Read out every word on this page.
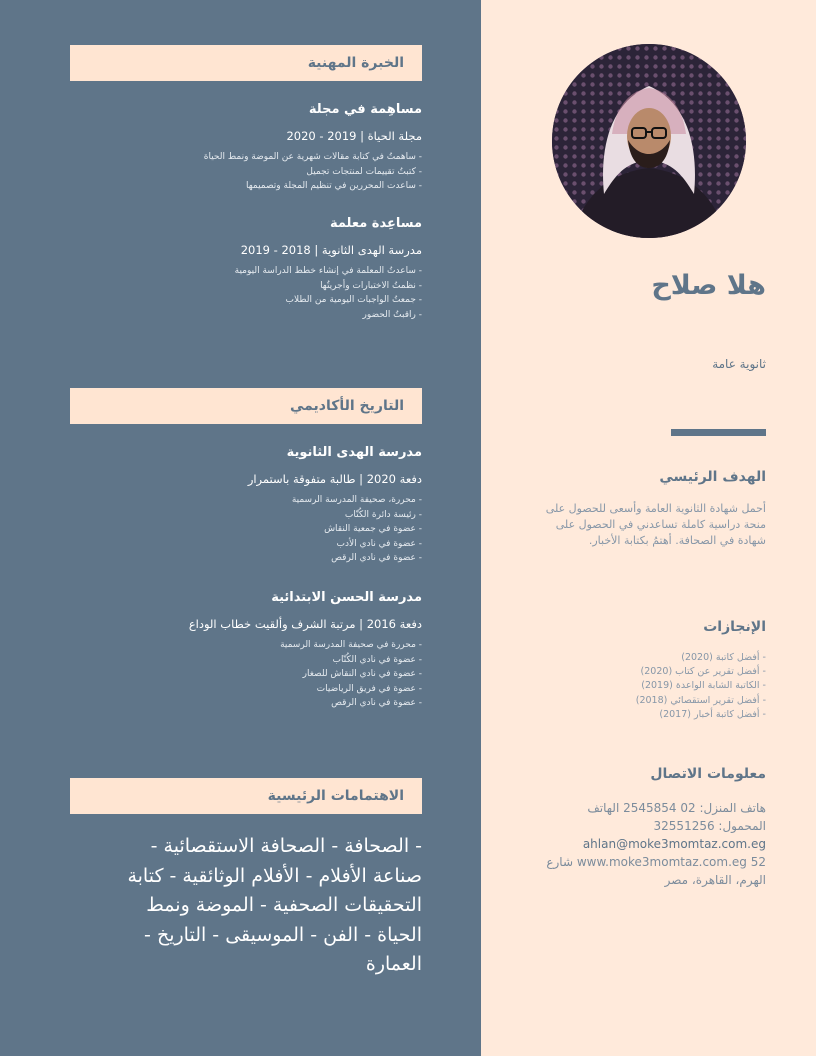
الخبرة المهنية
مساهِمة في مجلة
مجلة الحياة | 2019 - 2020
- ساهمتُ في كتابة مقالات شهرية عن الموضة ونمط الحياة
- كتبتُ تقييمات لمنتجات تجميل
- ساعدت المحررين في تنظيم المجلة وتصميمها
مساعِدة معلمة
مدرسة الهدى الثانوية | 2018 - 2019
- ساعدتُ المعلمة في إنشاء خطط الدراسة اليومية
- نظمتُ الاختبارات وأجريتُها
- جمعتُ الواجبات اليومية من الطلاب
- راقبتُ الحضور
التاريخ الأكاديمي
مدرسة الهدى الثانوية
دفعة 2020 | طالبة متفوقة باستمرار
- محررة، صحيفة المدرسة الرسمية
- رئيسة دائرة الكُتّاب
- عضوة في جمعية النقاش
- عضوة في نادي الأدب
- عضوة في نادي الرقص
مدرسة الحسن الابتدائية
دفعة 2016 | مرتبة الشرف وألقيت خطاب الوداع
- محررة في صحيفة المدرسة الرسمية
- عضوة في نادي الكُتّاب
- عضوة في نادي النقاش للصغار
- عضوة في فريق الرياضيات
- عضوة في نادي الرقص
الاهتمامات الرئيسية
- الصحافة - الصحافة الاستقصائية - صناعة الأفلام - الأفلام الوثائقية - كتابة التحقيقات الصحفية - الموضة ونمط الحياة - الفن - الموسيقى - التاريخ - العمارة
هلا صلاح
ثانوية عامة
الهدف الرئيسي
أحمل شهادة الثانوية العامة وأسعى للحصول على منحة دراسية كاملة تساعدني في الحصول على شهادة في الصحافة. أهتمُ بكتابة الأخبار.
الإنجازات
- أفضل كاتبة (2020)
- أفضل تقرير عن كتاب (2020)
- الكاتبة الشابة الواعدة (2019)
- أفضل تقرير استقصائي (2018)
- أفضل كاتبة أخبار (2017)
معلومات الاتصال
هاتف المنزل: 02 2545854 الهاتف
المحمول: 32551256
ahlan@moke3momtaz.com.eg
52 www.moke3momtaz.com.eg شارع
الهرم، القاهرة، مصر
